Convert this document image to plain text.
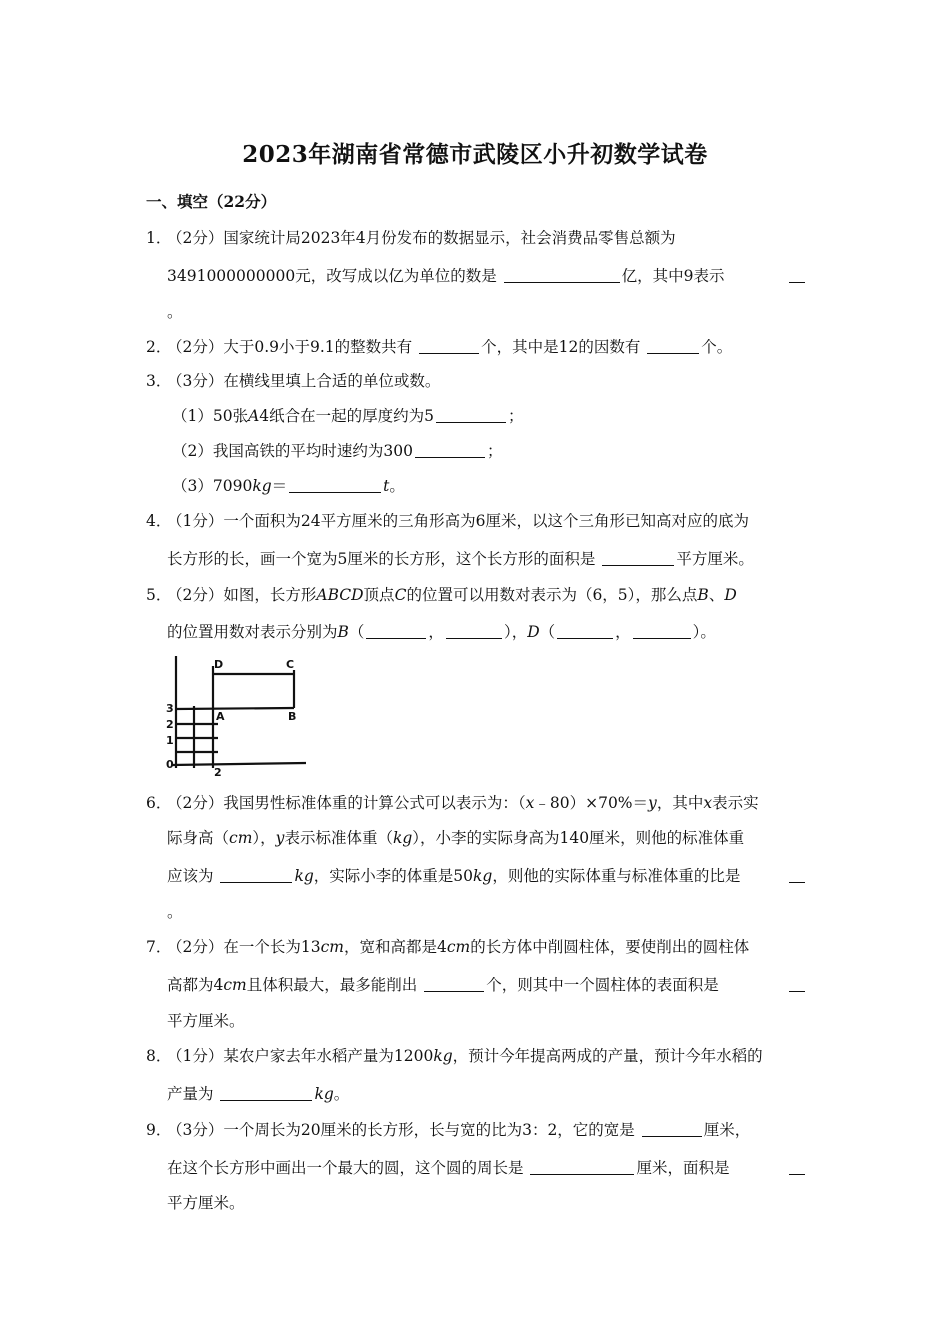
2023年湖南省常德市武陵区小升初数学试卷
一、填空（22分）
1．
（2分）国家统计局2023年4月份发布的数据显示，社会消费品零售总额为
3491000000000元，改写成以亿为单位的数是	亿，其中9表示
。
2．
（2分）大于0.9小于9.1的整数共有	个，其中是12的因数有	个。
3．
（3分）在横线里填上合适的单位或数。
（1）50张A4纸合在一起的厚度约为5	；
（2）我国高铁的平均时速约为300	；
（3）7090kg＝	t。
4．
（1分）一个面积为24平方厘米的三角形高为6厘米，以这个三角形已知高对应的底为
长方形的长，画一个宽为5厘米的长方形，这个长方形的面积是	平方厘米。
5．
（2分）如图，长方形ABCD顶点C的位置可以用数对表示为（6，5），那么点B、D
的位置用数对表示分别为B（	，	），D（	，	）。
D	C
A	B
3
2
1
0
2
6．
（2分）我国男性标准体重的计算公式可以表示为：（x﹣80）×70%＝y，其中x表示实
际身高（cm），y表示标准体重（kg），小李的实际身高为140厘米，则他的标准体重
应该为	kg，实际小李的体重是50kg，则他的实际体重与标准体重的比是
。
7．
（2分）在一个长为13cm，宽和高都是4cm的长方体中削圆柱体，要使削出的圆柱体
高都为4cm且体积最大，最多能削出	个，则其中一个圆柱体的表面积是
平方厘米。
8．
（1分）某农户家去年水稻产量为1200kg，预计今年提高两成的产量，预计今年水稻的
产量为	kg。
9．
（3分）一个周长为20厘米的长方形，长与宽的比为3：2，它的宽是	厘米，
在这个长方形中画出一个最大的圆，这个圆的周长是	厘米，面积是
平方厘米。
